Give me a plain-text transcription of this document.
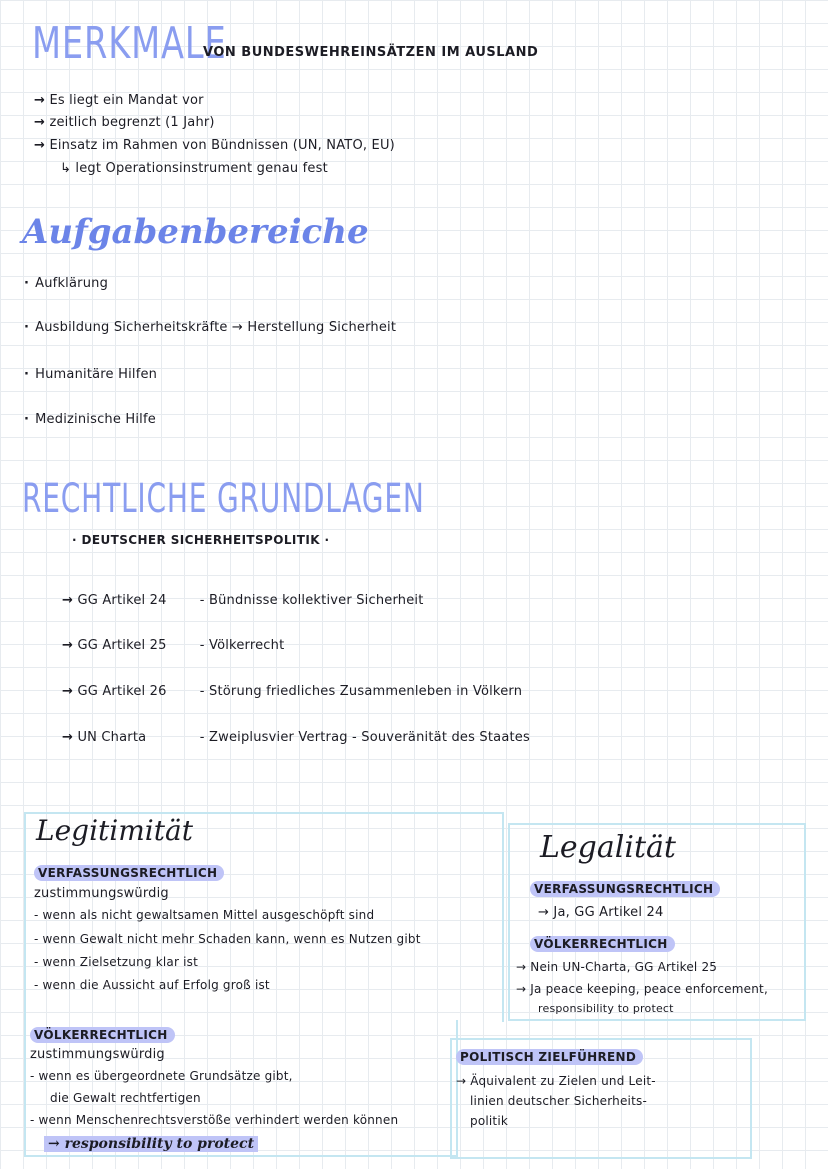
MERKMALE
VON BUNDESWEHREINSÄTZEN IM AUSLAND
→ Es liegt ein Mandat vor
→ zeitlich begrenzt (1 Jahr)
→ Einsatz im Rahmen von Bündnissen (UN, NATO, EU)
↳ legt Operationsinstrument genau fest
Aufgabenbereiche
· Aufklärung
· Ausbildung Sicherheitskräfte → Herstellung Sicherheit
· Humanitäre Hilfen
· Medizinische Hilfe
RECHTLICHE GRUNDLAGEN
· DEUTSCHER SICHERHEITSPOLITIK ·
→ GG Artikel 24	- Bündnisse kollektiver Sicherheit
→ GG Artikel 25	- Völkerrecht
→ GG Artikel 26	- Störung friedliches Zusammenleben in Völkern
→ UN Charta	- Zweiplusvier Vertrag - Souveränität des Staates
Legitimität
VERFASSUNGSRECHTLICH
zustimmungswürdig
- wenn als nicht gewaltsamen Mittel ausgeschöpft sind
- wenn Gewalt nicht mehr Schaden kann, wenn es Nutzen gibt
- wenn Zielsetzung klar ist
- wenn die Aussicht auf Erfolg groß ist
VÖLKERRECHTLICH
zustimmungswürdig
- wenn es übergeordnete Grundsätze gibt,
die Gewalt rechtfertigen
- wenn Menschenrechtsverstöße verhindert werden können
→ responsibility to protect
Legalität
VERFASSUNGSRECHTLICH
→ Ja, GG Artikel 24
VÖLKERRECHTLICH
→ Nein UN-Charta, GG Artikel 25
→ Ja peace keeping, peace enforcement,
responsibility to protect
POLITISCH ZIELFÜHREND
→ Äquivalent zu Zielen und Leit-
linien deutscher Sicherheits-
politik
